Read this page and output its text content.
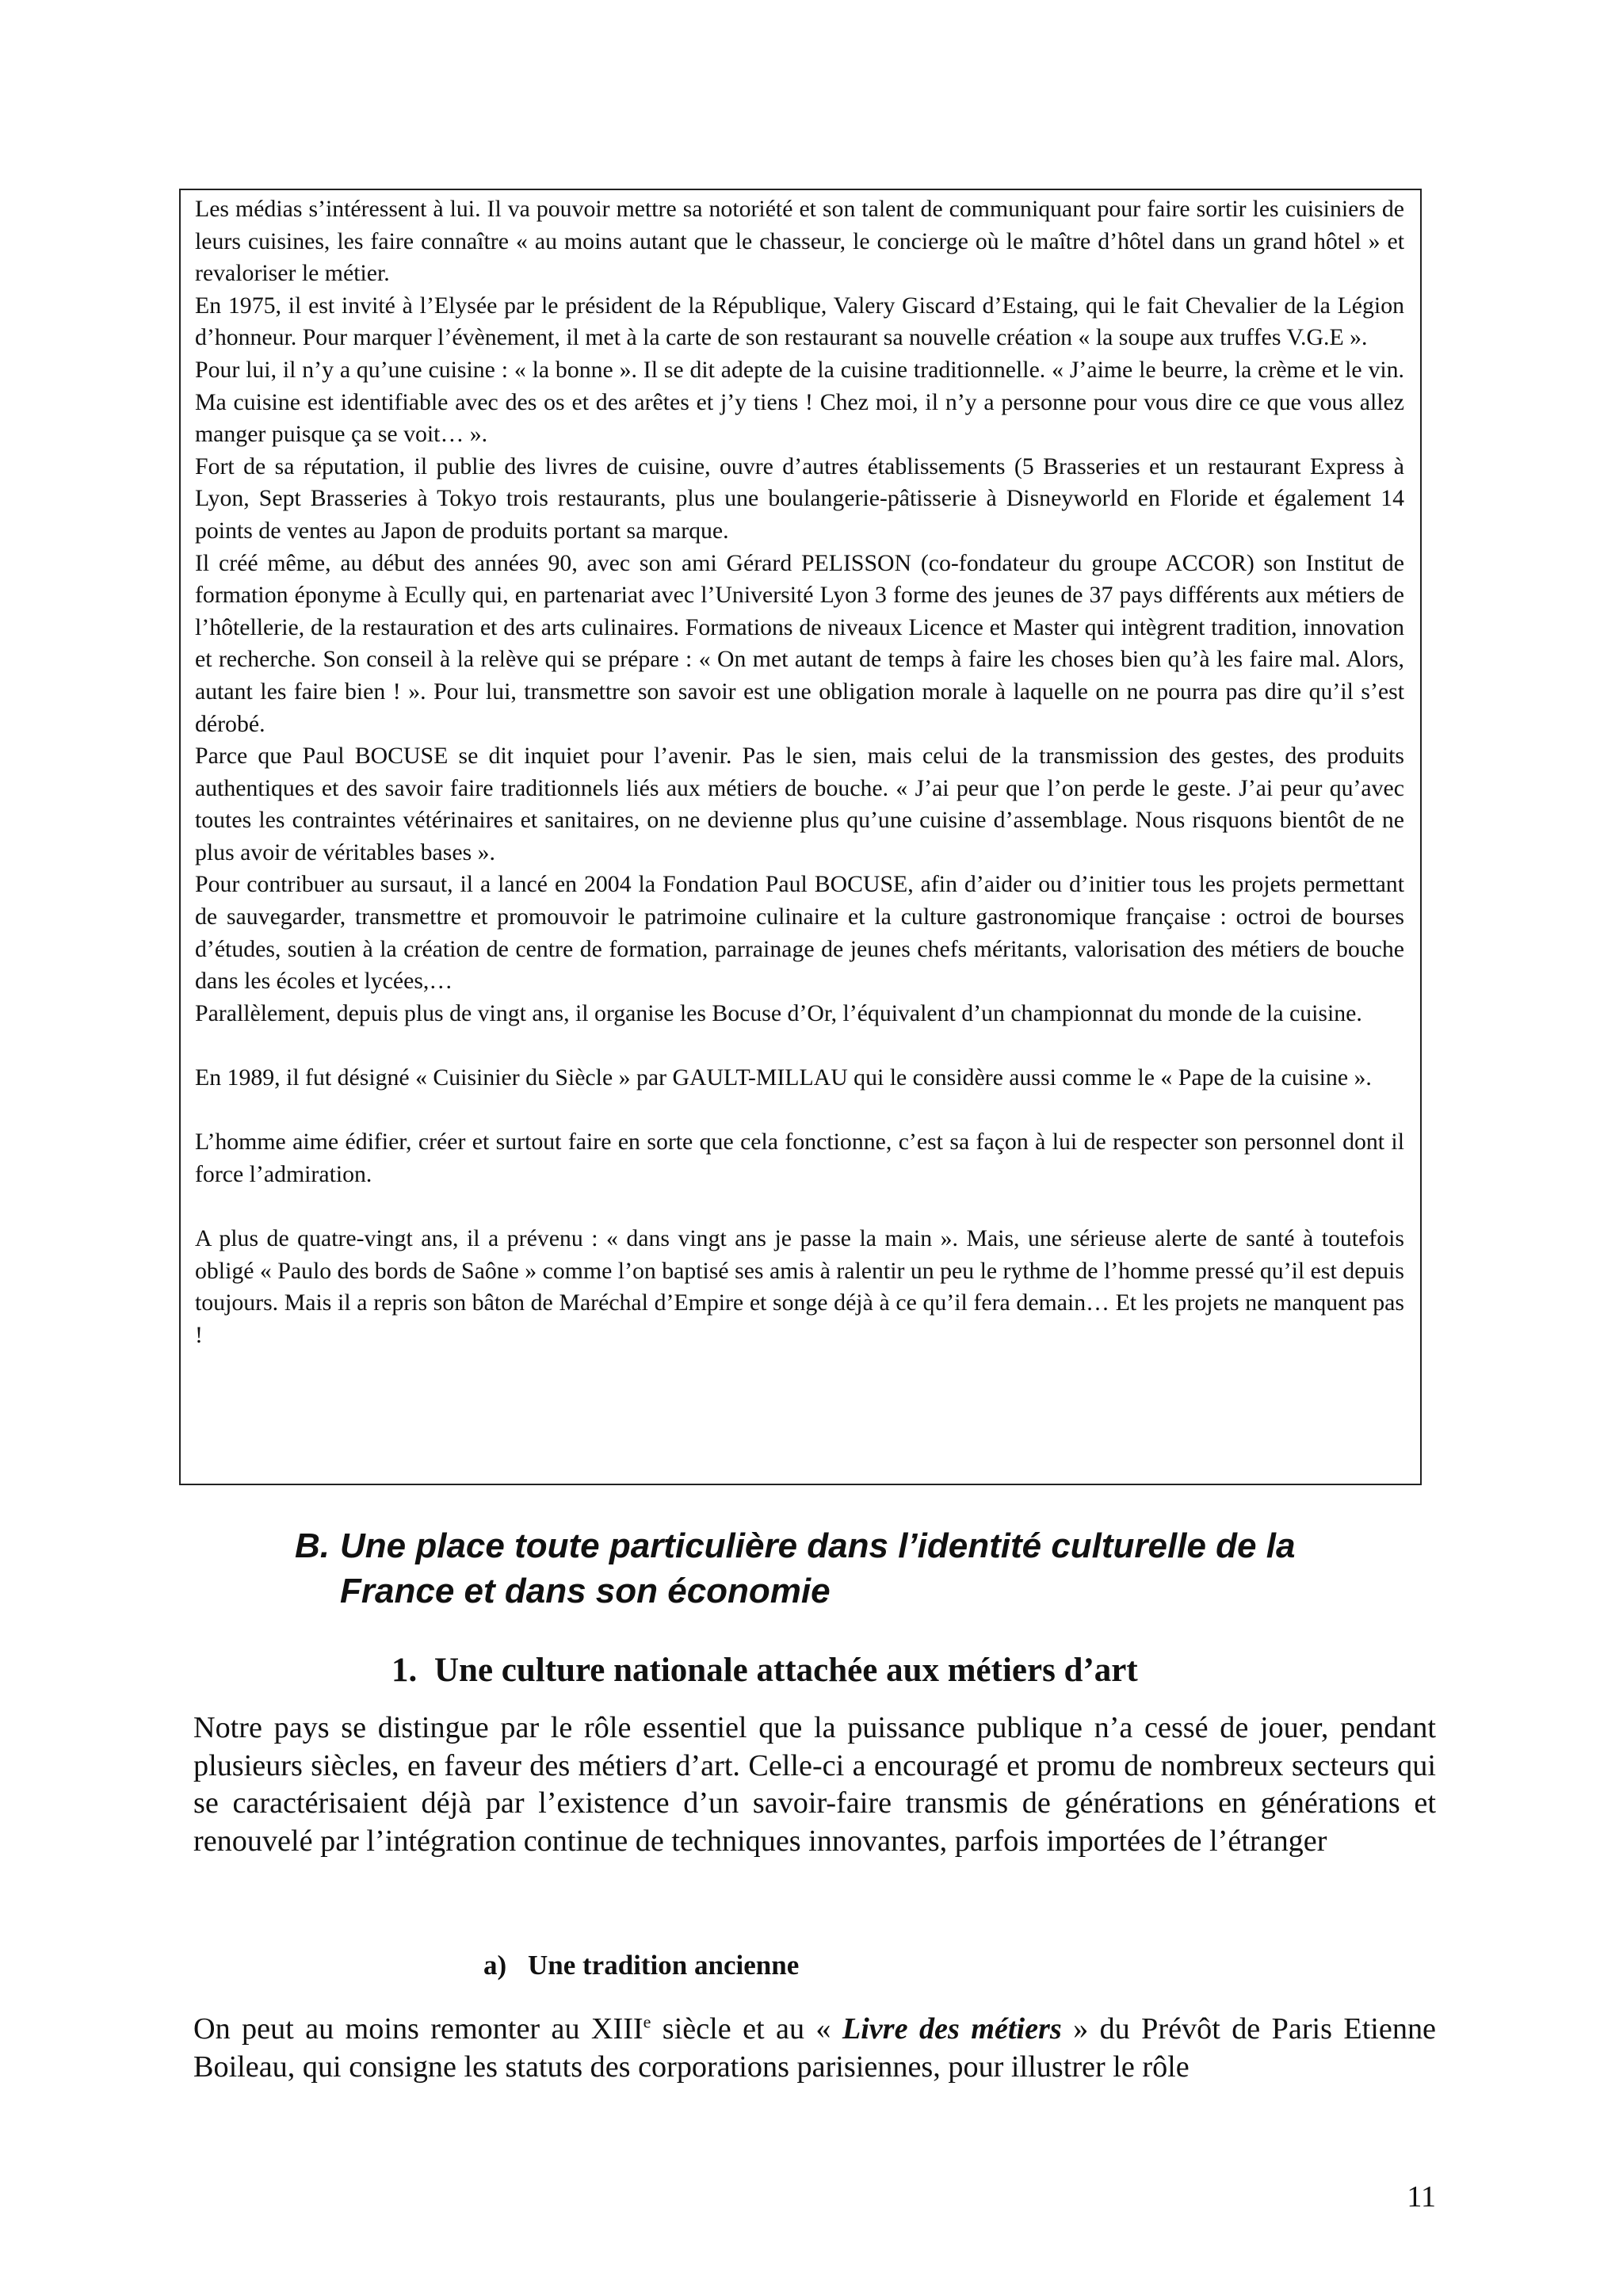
Les médias s’intéressent à lui. Il va pouvoir mettre sa notoriété et son talent de communiquant pour faire sortir les cuisiniers de leurs cuisines, les faire connaître « au moins autant que le chasseur, le concierge où le maître d’hôtel dans un grand hôtel » et revaloriser le métier.

En 1975, il est invité à l’Elysée par le président de la République, Valery Giscard d’Estaing, qui le fait Chevalier de la Légion d’honneur. Pour marquer l’évènement, il met à la carte de son restaurant sa nouvelle création « la soupe aux truffes V.G.E ».

Pour lui, il n’y a qu’une cuisine : « la bonne ». Il se dit adepte de la cuisine traditionnelle. « J’aime le beurre, la crème et le vin. Ma cuisine est identifiable avec des os et des arêtes et j’y tiens ! Chez moi, il n’y a personne pour vous dire ce que vous allez manger puisque ça se voit… ».

Fort de sa réputation, il publie des livres de cuisine, ouvre d’autres établissements (5 Brasseries et un restaurant Express à Lyon, Sept Brasseries à Tokyo trois restaurants, plus une boulangerie-pâtisserie à Disneyworld en Floride et également 14 points de ventes au Japon de produits portant sa marque.

Il créé même, au début des années 90, avec son ami Gérard PELISSON (co-fondateur du groupe ACCOR) son Institut de formation éponyme à Ecully qui, en partenariat avec l’Université Lyon 3 forme des jeunes de 37 pays différents aux métiers de l’hôtellerie, de la restauration et des arts culinaires. Formations de niveaux Licence et Master qui intègrent tradition, innovation et recherche. Son conseil à la relève qui se prépare : « On met autant de temps à faire les choses bien qu’à les faire mal. Alors, autant les faire bien ! ». Pour lui, transmettre son savoir est une obligation morale à laquelle on ne pourra pas dire qu’il s’est dérobé.

Parce que Paul BOCUSE se dit inquiet pour l’avenir. Pas le sien, mais celui de la transmission des gestes, des produits authentiques et des savoir faire traditionnels liés aux métiers de bouche. « J’ai peur que l’on perde le geste. J’ai peur qu’avec toutes les contraintes vétérinaires et sanitaires, on ne devienne plus qu’une cuisine d’assemblage. Nous risquons bientôt de ne plus avoir de véritables bases ».

Pour contribuer au sursaut, il a lancé en 2004 la Fondation Paul BOCUSE, afin d’aider ou d’initier tous les projets permettant de sauvegarder, transmettre et promouvoir le patrimoine culinaire et la culture gastronomique française : octroi de bourses d’études, soutien à la création de centre de formation, parrainage de jeunes chefs méritants, valorisation des métiers de bouche dans les écoles et lycées,…

Parallèlement, depuis plus de vingt ans, il organise les Bocuse d’Or, l’équivalent d’un championnat du monde de la cuisine.

En 1989, il fut désigné « Cuisinier du Siècle » par GAULT-MILLAU qui le considère aussi comme le « Pape de la cuisine ».

L’homme aime édifier, créer et surtout faire en sorte que cela fonctionne, c’est sa façon à lui de respecter son personnel dont il force l’admiration.

A plus de quatre-vingt ans, il a prévenu : « dans vingt ans je passe la main ». Mais, une sérieuse alerte de santé à toutefois obligé « Paulo des bords de Saône » comme l’on baptisé ses amis à ralentir un peu le rythme de l’homme pressé qu’il est depuis toujours. Mais il a repris son bâton de Maréchal d’Empire et songe déjà à ce qu’il fera demain… Et les projets ne manquent pas !

B. Une place toute particulière dans l’identité culturelle de la
France et dans son économie
1. Une culture nationale attachée aux métiers d’art

Notre pays se distingue par le rôle essentiel que la puissance publique n’a cessé de jouer, pendant plusieurs siècles, en faveur des métiers d’art. Celle-ci a encouragé et promu de nombreux secteurs qui se caractérisaient déjà par l’existence d’un savoir-faire transmis de générations en générations et renouvelé par l’intégration continue de techniques innovantes, parfois importées de l’étranger

a) Une tradition ancienne

On peut au moins remonter au XIIIe siècle et au « Livre des métiers » du Prévôt de Paris Etienne Boileau, qui consigne les statuts des corporations parisiennes, pour illustrer le rôle

11
